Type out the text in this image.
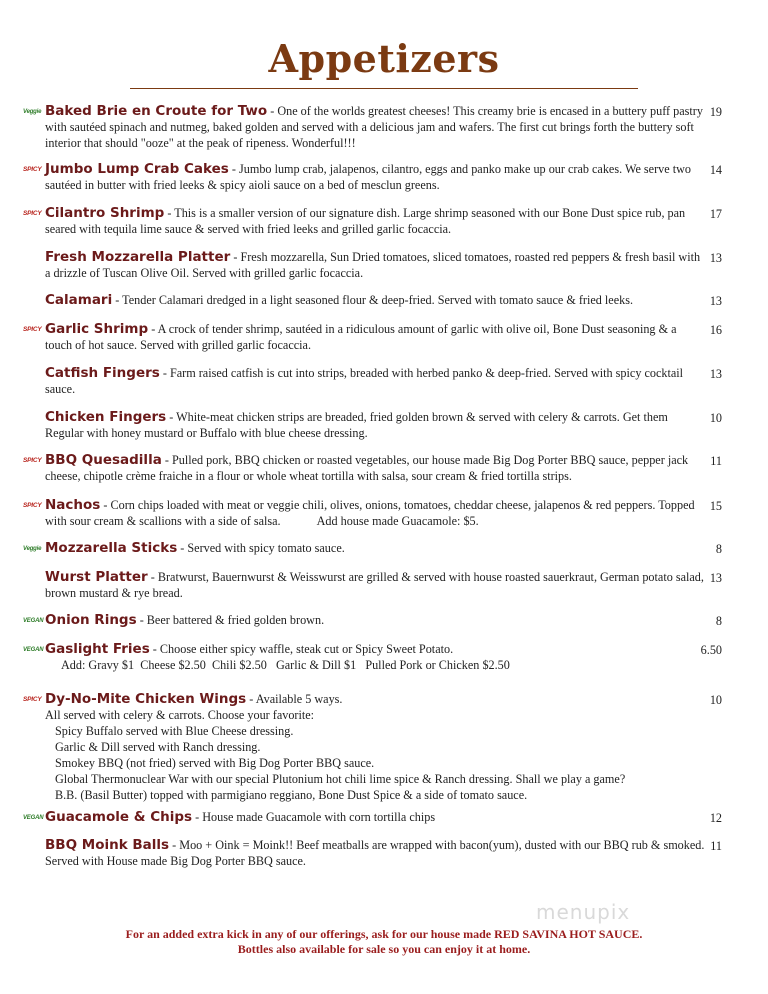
Appetizers
Veggie Baked Brie en Croute for Two - One of the worlds greatest cheeses! This creamy brie is encased in a buttery puff pastry with sautéed spinach and nutmeg, baked golden and served with a delicious jam and wafers. The first cut brings forth the buttery soft interior that should "ooze" at the peak of ripeness. Wonderful!!!
19
SPICY Jumbo Lump Crab Cakes - Jumbo lump crab, jalapenos, cilantro, eggs and panko make up our crab cakes. We serve two sautéed in butter with fried leeks & spicy aioli sauce on a bed of mesclun greens.
14
SPICY Cilantro Shrimp - This is a smaller version of our signature dish. Large shrimp seasoned with our Bone Dust spice rub, pan seared with tequila lime sauce & served with fried leeks and grilled garlic focaccia.
17
Fresh Mozzarella Platter - Fresh mozzarella, Sun Dried tomatoes, sliced tomatoes, roasted red peppers & fresh basil with a drizzle of Tuscan Olive Oil. Served with grilled garlic focaccia.
13
Calamari - Tender Calamari dredged in a light seasoned flour & deep-fried. Served with tomato sauce & fried leeks.	13
SPICY Garlic Shrimp - A crock of tender shrimp, sautéed in a ridiculous amount of garlic with olive oil, Bone Dust seasoning & a touch of hot sauce. Served with grilled garlic focaccia.
16
Catfish Fingers - Farm raised catfish is cut into strips, breaded with herbed panko & deep-fried. Served with spicy cocktail sauce.
13
Chicken Fingers - White-meat chicken strips are breaded, fried golden brown & served with celery & carrots. Get them Regular with honey mustard or Buffalo with blue cheese dressing.
10
SPICY BBQ Quesadilla - Pulled pork, BBQ chicken or roasted vegetables, our house made Big Dog Porter BBQ sauce, pepper jack cheese, chipotle crème fraiche in a flour or whole wheat tortilla with salsa, sour cream & fried tortilla strips.
11
SPICY Nachos - Corn chips loaded with meat or veggie chili, olives, onions, tomatoes, cheddar cheese, jalapenos & red peppers. Topped with sour cream & scallions with a side of salsa.	Add house made Guacamole: $5.
15
Veggie Mozzarella Sticks - Served with spicy tomato sauce.	8
Wurst Platter - Bratwurst, Bauernwurst & Weisswurst are grilled & served with house roasted sauerkraut, German potato salad, brown mustard & rye bread.
13
VEGAN Onion Rings - Beer battered & fried golden brown.	8
VEGAN Gaslight Fries - Choose either spicy waffle, steak cut or Spicy Sweet Potato.
Add: Gravy $1  Cheese $2.50  Chili $2.50   Garlic & Dill $1   Pulled Pork or Chicken $2.50
6.50
SPICY Dy-No-Mite Chicken Wings - Available 5 ways.
All served with celery & carrots. Choose your favorite:
Spicy Buffalo served with Blue Cheese dressing.
Garlic & Dill served with Ranch dressing.
Smokey BBQ (not fried) served with Big Dog Porter BBQ sauce.
Global Thermonuclear War with our special Plutonium hot chili lime spice & Ranch dressing. Shall we play a game?
B.B. (Basil Butter) topped with parmigiano reggiano, Bone Dust Spice & a side of tomato sauce.
10
VEGAN Guacamole & Chips - House made Guacamole with corn tortilla chips	12
BBQ Moink Balls - Moo + Oink = Moink!! Beef meatballs are wrapped with bacon(yum), dusted with our BBQ rub & smoked. Served with House made Big Dog Porter BBQ sauce.
11
menupix
For an added extra kick in any of our offerings, ask for our house made RED SAVINA HOT SAUCE.
Bottles also available for sale so you can enjoy it at home.
